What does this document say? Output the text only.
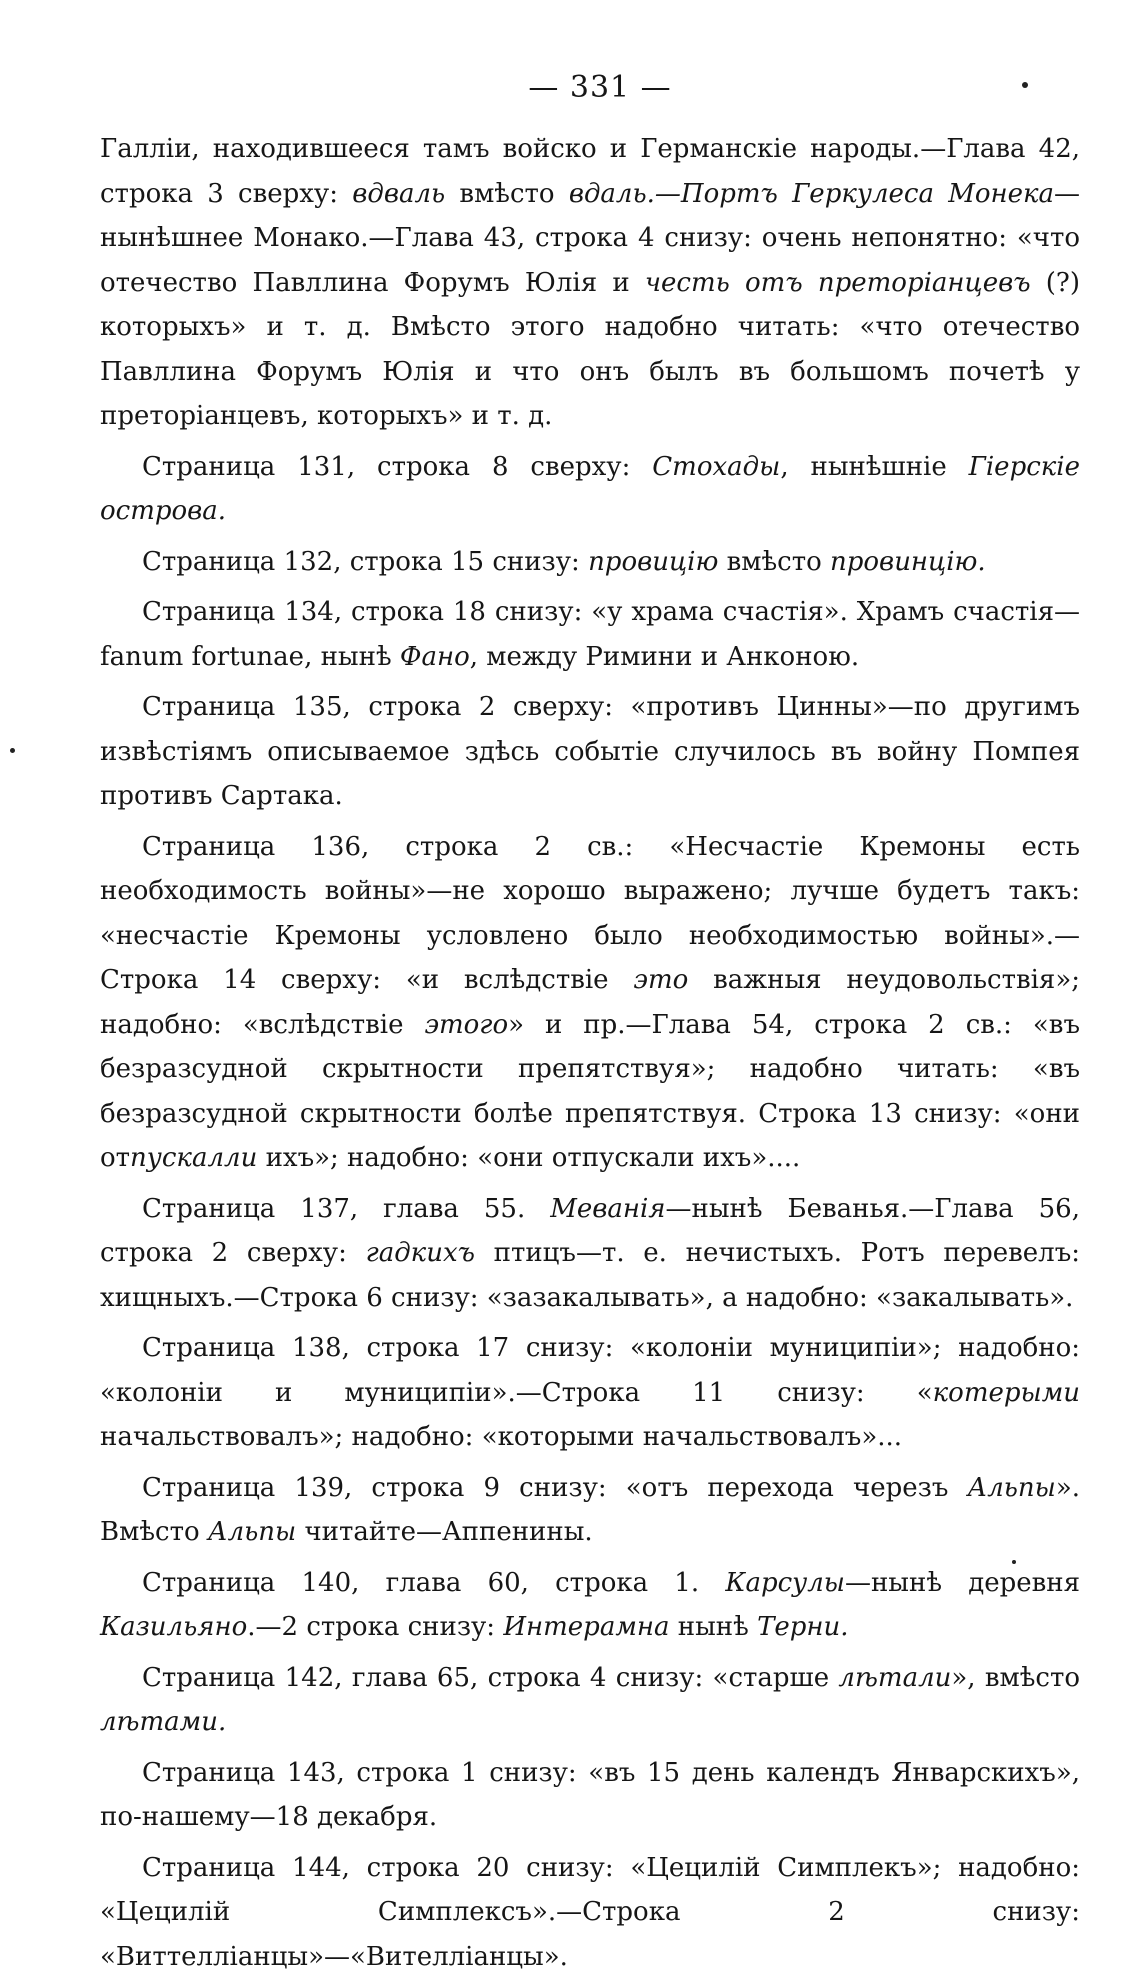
— 331 —

Галліи, находившееся тамъ войско и Германскіе народы.—Глава 42, строка 3 сверху: вдваль вмѣсто вдаль.—Портъ Геркулеса Монека—нынѣшнее Монако.—Глава 43, строка 4 снизу: очень непонятно: «что отечество Павллина Форумъ Юлія и честь отъ преторіанцевъ (?) которыхъ» и т. д. Вмѣсто этого надобно читать: «что отечество Павллина Форумъ Юлія и что онъ былъ въ большомъ почетѣ у преторіанцевъ, которыхъ» и т. д.

Страница 131, строка 8 сверху: Стохады, нынѣшніе Гіерскіе острова.

Страница 132, строка 15 снизу: провицію вмѣсто провинцію.

Страница 134, строка 18 снизу: «у храма счастія». Храмъ счастія— fanum fortunae, нынѣ Фано, между Римини и Анконою.

Страница 135, строка 2 сверху: «противъ Цинны»—по другимъ извѣстіямъ описываемое здѣсь событіе случилось въ войну Помпея противъ Сартака.

Страница 136, строка 2 св.: «Несчастіе Кремоны есть необходимость войны»—не хорошо выражено; лучше будетъ такъ: «несчастіе Кремоны условлено было необходимостью войны».—Строка 14 сверху: «и вслѣдствіе это важныя неудовольствія»; надобно: «вслѣдствіе этого» и пр.—Глава 54, строка 2 св.: «въ безразсудной скрытности препятствуя»; надобно читать: «въ безразсудной скрытности болѣе препятствуя. Строка 13 снизу: «они отпускалли ихъ»; надобно: «они отпускали ихъ»....

Страница 137, глава 55. Меванія—нынѣ Беванья.—Глава 56, строка 2 сверху: гадкихъ птицъ—т. е. нечистыхъ. Ротъ перевелъ: хищныхъ.—Строка 6 снизу: «зазакалывать», а надобно: «закалывать».

Страница 138, строка 17 снизу: «колоніи муниципіи»; надобно: «колоніи и муниципіи».—Строка 11 снизу: «котерыми начальствовалъ»; надобно: «которыми начальствовалъ»...

Страница 139, строка 9 снизу: «отъ перехода черезъ Альпы». Вмѣсто Альпы читайте—Аппенины.

Страница 140, глава 60, строка 1. Карсулы—нынѣ деревня Казильяно.—2 строка снизу: Интерамна нынѣ Терни.

Страница 142, глава 65, строка 4 снизу: «старше лѣтали», вмѣсто лѣтами.

Страница 143, строка 1 снизу: «въ 15 день календъ Январскихъ», по-нашему—18 декабря.

Страница 144, строка 20 снизу: «Цецилій Симплекъ»; надобно: «Цецилій Симплексъ».—Строка 2 снизу: «Виттелліанцы»—«Вителліанцы».
